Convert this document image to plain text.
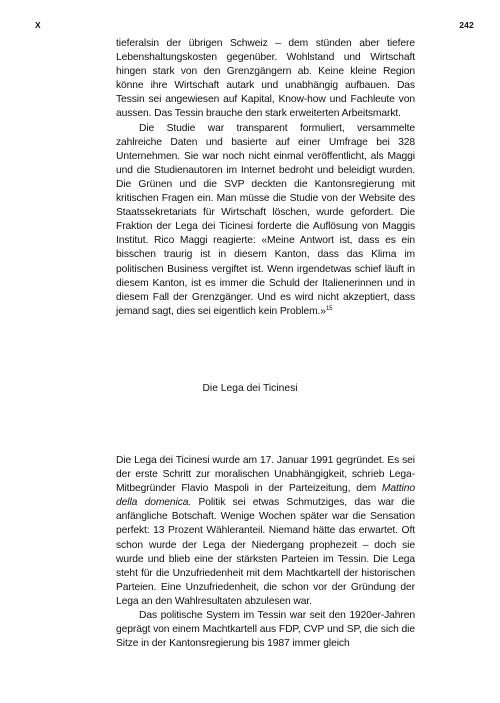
X	242

tieferalsin der übrigen Schweiz – dem stünden aber tiefere Lebenshaltungskosten gegenüber. Wohlstand und Wirtschaft hingen stark von den Grenzgängern ab. Keine kleine Region könne ihre Wirtschaft autark und unabhängig aufbauen. Das Tessin sei angewiesen auf Kapital, Know-how und Fachleute von aussen. Das Tessin brauche den stark erweiterten Arbeitsmarkt.

Die Studie war transparent formuliert, versammelte zahlreiche Daten und basierte auf einer Umfrage bei 328 Unternehmen. Sie war noch nicht einmal veröffentlicht, als Maggi und die Studienautoren im Internet bedroht und beleidigt wurden. Die Grünen und die SVP deckten die Kantonsregierung mit kritischen Fragen ein. Man müsse die Studie von der Website des Staatssekretariats für Wirtschaft löschen, wurde gefordert. Die Fraktion der Lega dei Ticinesi forderte die Auflösung von Maggis Institut. Rico Maggi reagierte: «Meine Antwort ist, dass es ein bisschen traurig ist in diesem Kanton, dass das Klima im politischen Business vergiftet ist. Wenn irgendetwas schief läuft in diesem Kanton, ist es immer die Schuld der Italienerinnen und in diesem Fall der Grenzgänger. Und es wird nicht akzeptiert, dass jemand sagt, dies sei eigentlich kein Problem.»$^{15}$

Die Lega dei Ticinesi

Die Lega dei Ticinesi wurde am 17. Januar 1991 gegründet. Es sei der erste Schritt zur moralischen Unabhängigkeit, schrieb Lega-Mitbegründer Flavio Maspoli in der Parteizeitung, dem Mattino della domenica. Politik sei etwas Schmutziges, das war die anfängliche Botschaft. Wenige Wochen später war die Sensation perfekt: 13 Prozent Wähleranteil. Niemand hätte das erwartet. Oft schon wurde der Lega der Niedergang prophezeit – doch sie wurde und blieb eine der stärksten Parteien im Tessin. Die Lega steht für die Unzufriedenheit mit dem Machtkartell der historischen Parteien. Eine Unzufriedenheit, die schon vor der Gründung der Lega an den Wahlresultaten abzulesen war.

Das politische System im Tessin war seit den 1920er-Jahren geprägt von einem Machtkartell aus FDP, CVP und SP, die sich die Sitze in der Kantonsregierung bis 1987 immer gleich
